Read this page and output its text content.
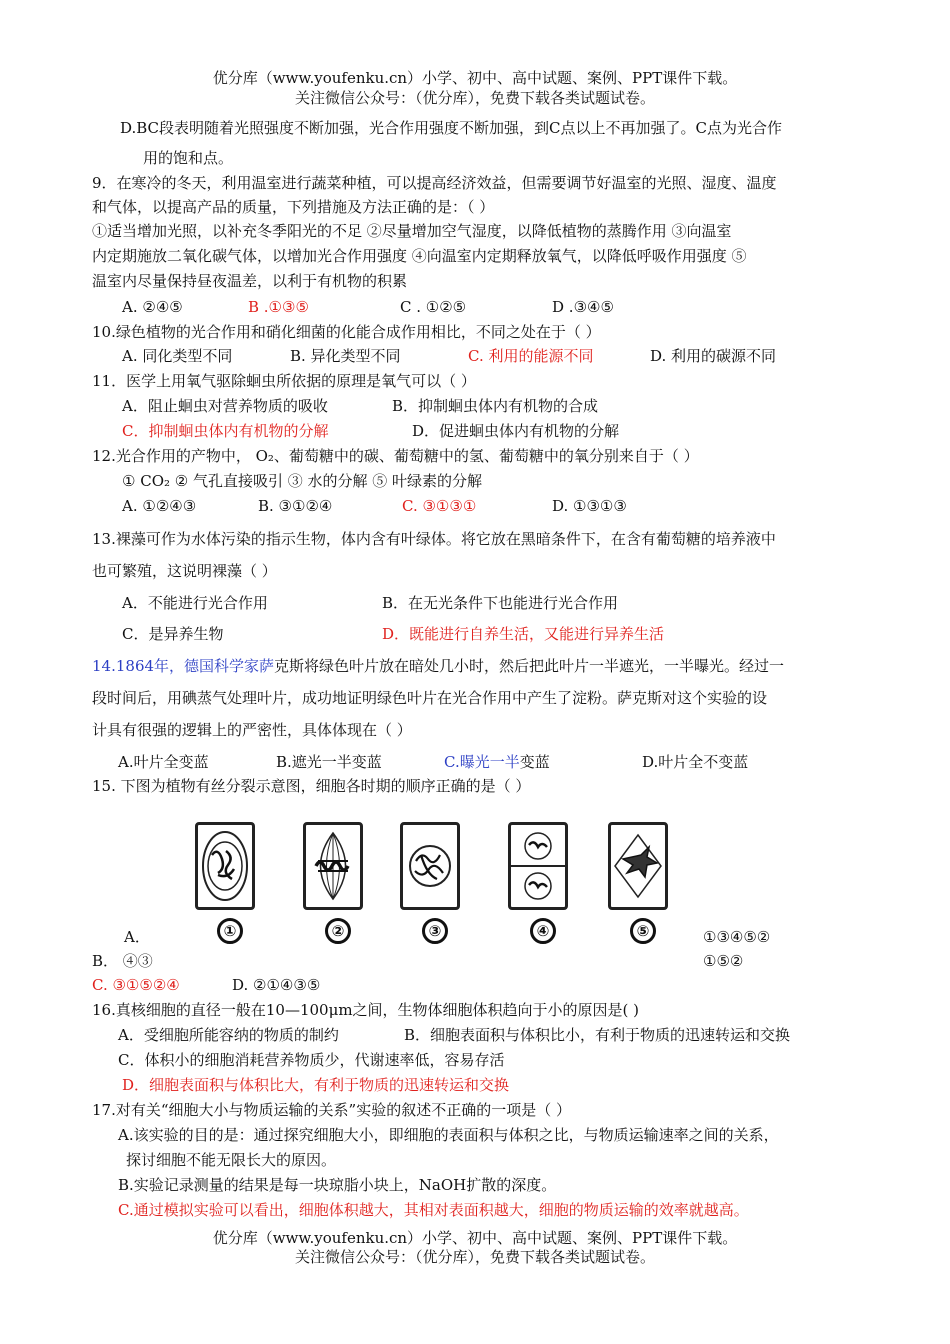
优分库（www.youfenku.cn）小学、初中、高中试题、案例、PPT课件下载。
关注微信公众号：（优分库），免费下载各类试题试卷。
D.BC段表明随着光照强度不断加强，光合作用强度不断加强，到C点以上不再加强了。C点为光合作
用的饱和点。
9．在寒冷的冬天，利用温室进行蔬菜种植，可以提高经济效益，但需要调节好温室的光照、湿度、温度
和气体，以提高产品的质量，下列措施及方法正确的是：（ ）
①适当增加光照，以补充冬季阳光的不足 ②尽量增加空气湿度，以降低植物的蒸腾作用 ③向温室
内定期施放二氧化碳气体，以增加光合作用强度 ④向温室内定期释放氧气，以降低呼吸作用强度 ⑤
温室内尽量保持昼夜温差，以利于有机物的积累
A. ②④⑤	B .①③⑤	C . ①②⑤	D .③④⑤
10.绿色植物的光合作用和硝化细菌的化能合成作用相比，不同之处在于（ ）
A. 同化类型不同	B. 异化类型不同	C. 利用的能源不同	D. 利用的碳源不同
11．医学上用氧气驱除蛔虫所依据的原理是氧气可以（ ）
A．阻止蛔虫对营养物质的吸收	B．抑制蛔虫体内有机物的合成
C．抑制蛔虫体内有机物的分解	D．促进蛔虫体内有机物的分解
12.光合作用的产物中， O₂、葡萄糖中的碳、葡萄糖中的氢、葡萄糖中的氧分别来自于（ ）
① CO₂ ② 气孔直接吸引 ③ 水的分解 ⑤ 叶绿素的分解
A. ①②④③	B. ③①②④	C. ③①③①	D. ①③①③
13.裸藻可作为水体污染的指示生物，体内含有叶绿体。将它放在黑暗条件下，在含有葡萄糖的培养液中
也可繁殖，这说明裸藻（ ）
A．不能进行光合作用	B．在无光条件下也能进行光合作用
C．是异养生物	D．既能进行自养生活，又能进行异养生活
14.1864年，德国科学家萨克斯将绿色叶片放在暗处几小时，然后把此叶片一半遮光，一半曝光。经过一
段时间后，用碘蒸气处理叶片，成功地证明绿色叶片在光合作用中产生了淀粉。萨克斯对这个实验的设
计具有很强的逻辑上的严密性，具体体现在（ ）
A.叶片全变蓝	B.遮光一半变蓝	C.曝光一半变蓝	D.叶片全不变蓝
15. 下图为植物有丝分裂示意图，细胞各时期的顺序正确的是（ ）
①	②	③	④	⑤
A．	①③④⑤②
B． ④③	①⑤②
C. ③①⑤②④	D. ②①④③⑤
16.真核细胞的直径一般在10—100μm之间，生物体细胞体积趋向于小的原因是( )
A．受细胞所能容纳的物质的制约	B．细胞表面积与体积比小，有利于物质的迅速转运和交换
C．体积小的细胞消耗营养物质少，代谢速率低，容易存活
D．细胞表面积与体积比大，有利于物质的迅速转运和交换
17.对有关“细胞大小与物质运输的关系”实验的叙述不正确的一项是（ ）
A.该实验的目的是：通过探究细胞大小，即细胞的表面积与体积之比，与物质运输速率之间的关系，
探讨细胞不能无限长大的原因。
B.实验记录测量的结果是每一块琼脂小块上，NaOH扩散的深度。
C.通过模拟实验可以看出，细胞体积越大，其相对表面积越大，细胞的物质运输的效率就越高。
优分库（www.youfenku.cn）小学、初中、高中试题、案例、PPT课件下载。
关注微信公众号：（优分库），免费下载各类试题试卷。
